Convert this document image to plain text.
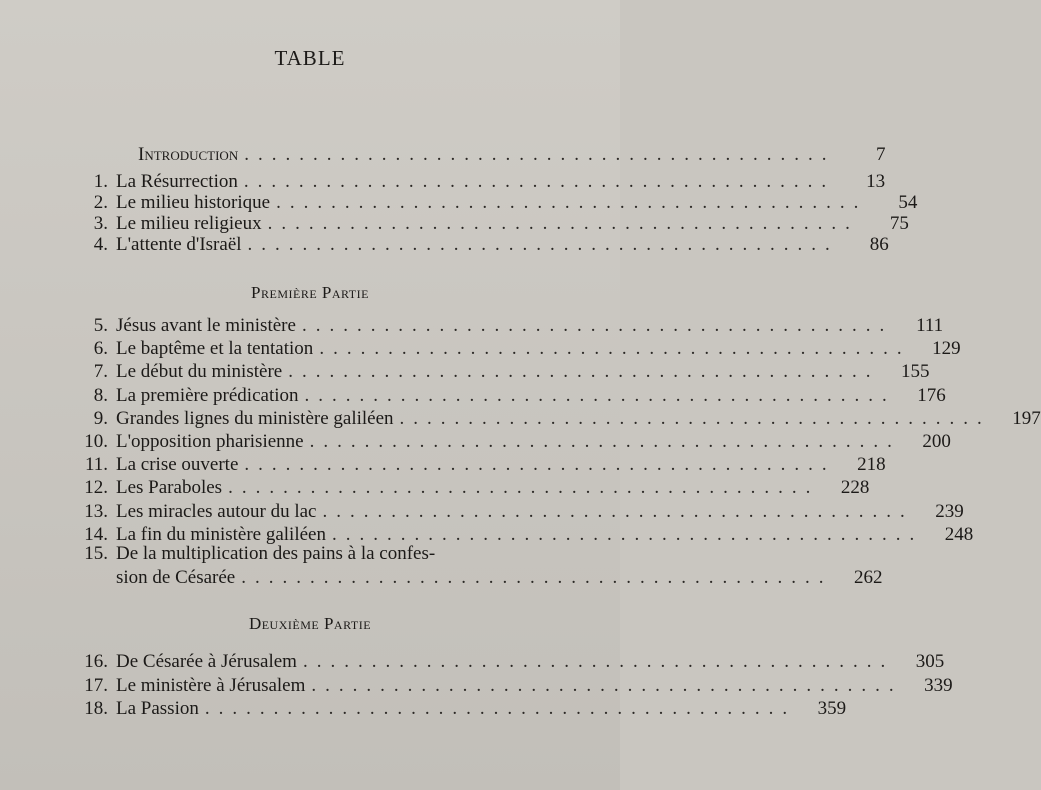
TABLE
Introduction ...........................................	7
1. La Résurrection ...........................................	13
2. Le milieu historique ...........................................	54
3. Le milieu religieux ...........................................	75
4. L'attente d'Israël ...........................................	86
Première Partie
5. Jésus avant le ministère ...........................................	111
6. Le baptême et la tentation ...........................................	129
7. Le début du ministère ...........................................	155
8. La première prédication ...........................................	176
9. Grandes lignes du ministère galiléen ...........................................	197
10. L'opposition pharisienne ...........................................	200
11. La crise ouverte ...........................................	218
12. Les Paraboles ...........................................	228
13. Les miracles autour du lac ...........................................	239
14. La fin du ministère galiléen ...........................................	248
15. De la multiplication des pains à la confes-
sion de Césarée ...........................................	262
Deuxième Partie
16. De Césarée à Jérusalem ...........................................	305
17. Le ministère à Jérusalem ...........................................	339
18. La Passion ...........................................	359
